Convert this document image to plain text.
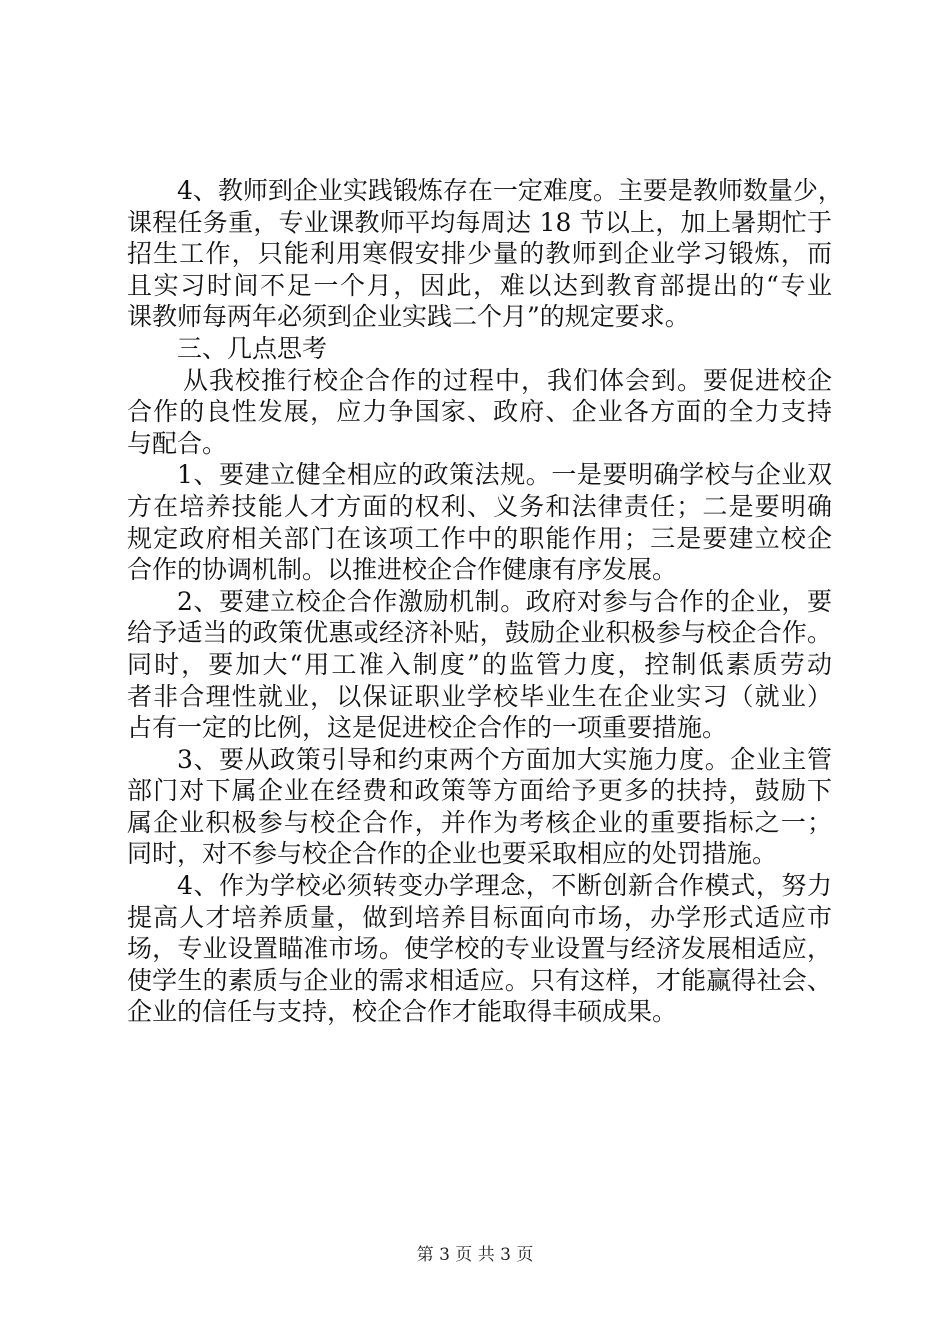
4、教师到企业实践锻炼存在一定难度。主要是教师数量少，
课程任务重，专业课教师平均每周达 18 节以上，加上暑期忙于
招生工作，只能利用寒假安排少量的教师到企业学习锻炼，而
且实习时间不足一个月，因此，难以达到教育部提出的“专业
课教师每两年必须到企业实践二个月”的规定要求。
三、几点思考
从我校推行校企合作的过程中，我们体会到。要促进校企
合作的良性发展，应力争国家、政府、企业各方面的全力支持
与配合。
1、要建立健全相应的政策法规。一是要明确学校与企业双
方在培养技能人才方面的权利、义务和法律责任；二是要明确
规定政府相关部门在该项工作中的职能作用；三是要建立校企
合作的协调机制。以推进校企合作健康有序发展。
2、要建立校企合作激励机制。政府对参与合作的企业，要
给予适当的政策优惠或经济补贴，鼓励企业积极参与校企合作。
同时，要加大“用工准入制度”的监管力度，控制低素质劳动
者非合理性就业，以保证职业学校毕业生在企业实习（就业）
占有一定的比例，这是促进校企合作的一项重要措施。
3、要从政策引导和约束两个方面加大实施力度。企业主管
部门对下属企业在经费和政策等方面给予更多的扶持，鼓励下
属企业积极参与校企合作，并作为考核企业的重要指标之一；
同时，对不参与校企合作的企业也要采取相应的处罚措施。
4、作为学校必须转变办学理念，不断创新合作模式，努力
提高人才培养质量，做到培养目标面向市场，办学形式适应市
场，专业设置瞄准市场。使学校的专业设置与经济发展相适应，
使学生的素质与企业的需求相适应。只有这样，才能赢得社会、
企业的信任与支持，校企合作才能取得丰硕成果。
第 3 页 共 3 页
